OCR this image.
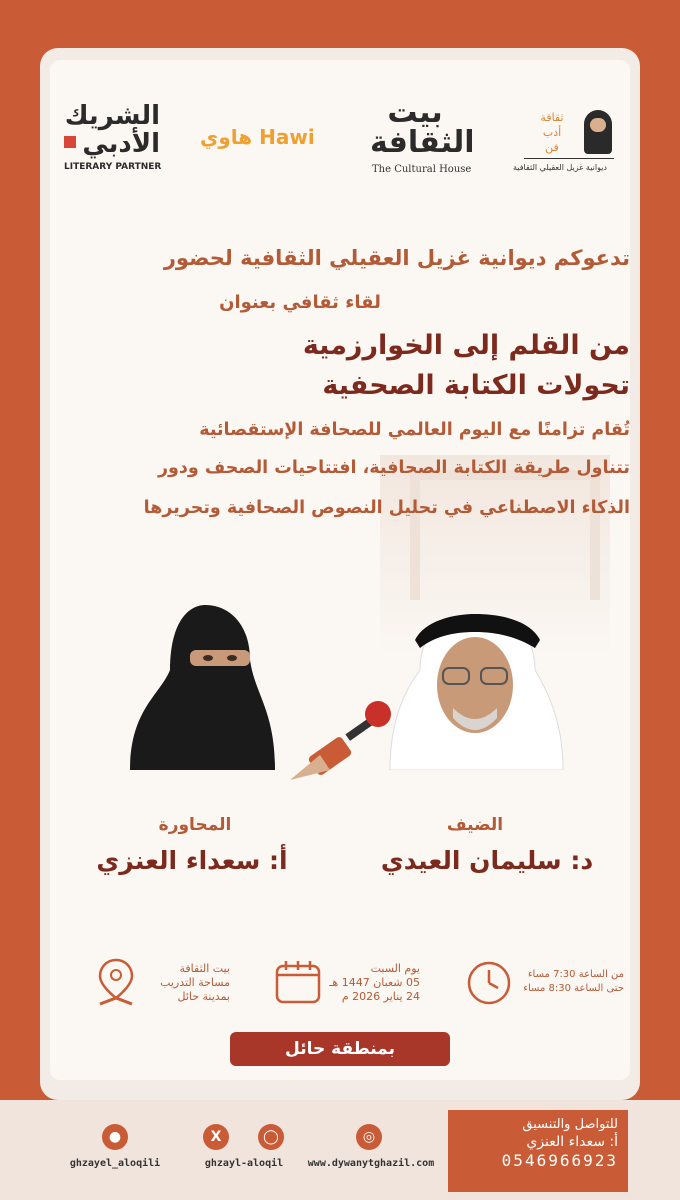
الشريك
الأدبي
LITERARY PARTNER
هاوي Hawi
بيت
الثقافة
The Cultural House
ثقافة
أدب
فن
ديوانية غزيل العقيلي الثقافية
تدعوكم ديوانية غزيل العقيلي الثقافية لحضور
لقاء ثقافي بعنوان
من القلم إلى الخوارزمية
تحولات الكتابة الصحفية
تُقام تزامنًا مع اليوم العالمي للصحافة الإستقصائية
تتناول طريقة الكتابة الصحافية، افتتاحيات الصحف ودور
الذكاء الاصطناعي في تحليل النصوص الصحافية وتحريرها
المحاورة
أ: سعداء العنزي
الضيف
د: سليمان العيدي
بيت الثقافة
مساحة التدريب
بمدينة حائل
يوم السبت
05 شعبان 1447 هـ
24 يناير 2026 م
من الساعة 7:30 مساء
حتى الساعة 8:30 مساء
بمنطقة حائل
للتواصل والتنسيق
أ: سعداء العنزي
0546966923
●
ghzayel_aloqili
X	◯
ghzayl-aloqil
◎
www.dywanytghazil.com
